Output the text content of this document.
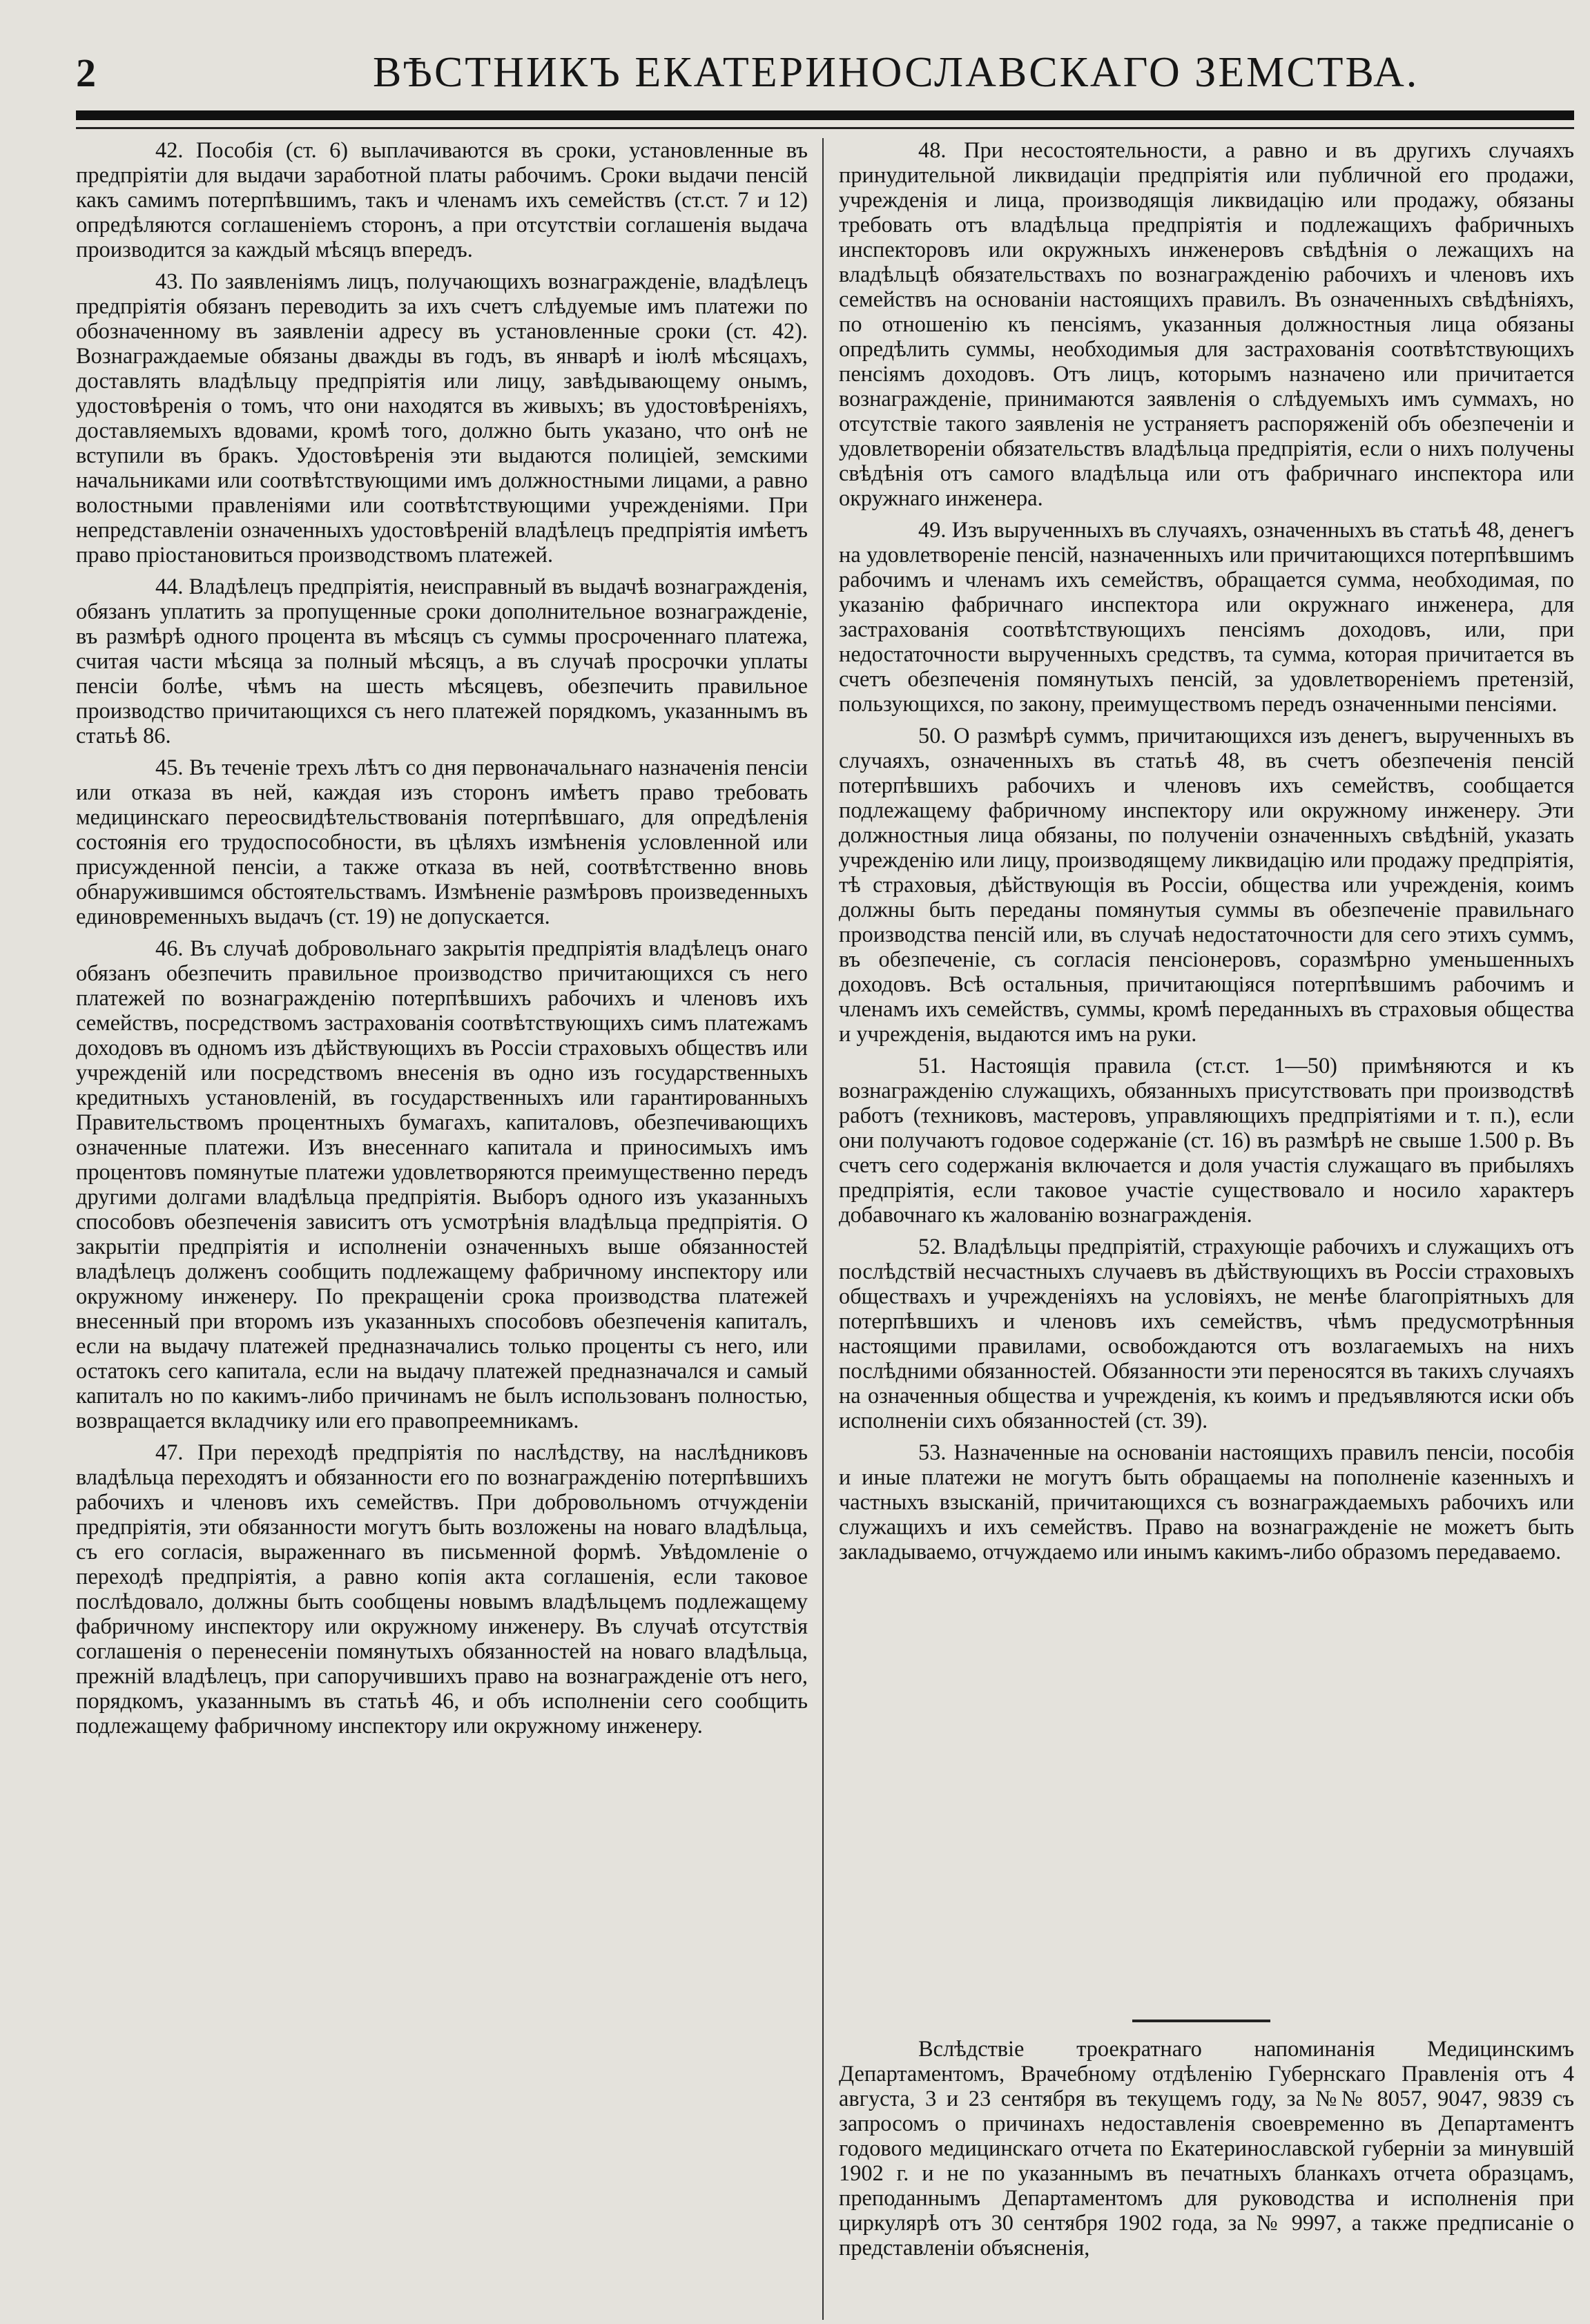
2	ВѢСТНИКЪ ЕКАТЕРИНОСЛАВСКАГО ЗЕМСТВА.

42. Пособія (ст. 6) выплачиваются въ сроки, установленные въ предпріятіи для выдачи заработной платы рабочимъ. Сроки выдачи пенсій какъ самимъ потерпѣвшимъ, такъ и членамъ ихъ семействъ (ст.ст. 7 и 12) опредѣляются соглашеніемъ сторонъ, а при отсутствіи соглашенія выдача производится за каждый мѣсяцъ впередъ.

43. По заявленіямъ лицъ, получающихъ вознагражденіе, владѣлецъ предпріятія обязанъ переводить за ихъ счетъ слѣдуемые имъ платежи по обозначенному въ заявленіи адресу въ установленные сроки (ст. 42). Вознаграждаемые обязаны дважды въ годъ, въ январѣ и іюлѣ мѣсяцахъ, доставлять владѣльцу предпріятія или лицу, завѣдывающему онымъ, удостовѣренія о томъ, что они находятся въ живыхъ; въ удостовѣреніяхъ, доставляемыхъ вдовами, кромѣ того, должно быть указано, что онѣ не вступили въ бракъ. Удостовѣренія эти выдаются полиціей, земскими начальниками или соотвѣтствующими имъ должностными лицами, а равно волостными правленіями или соотвѣтствующими учрежденіями. При непредставленіи означенныхъ удостовѣреній владѣлецъ предпріятія имѣетъ право пріостановиться производствомъ платежей.

44. Владѣлецъ предпріятія, неисправный въ выдачѣ вознагражденія, обязанъ уплатить за пропущенные сроки дополнительное вознагражденіе, въ размѣрѣ одного процента въ мѣсяцъ съ суммы просроченнаго платежа, считая части мѣсяца за полный мѣсяцъ, а въ случаѣ просрочки уплаты пенсіи болѣе, чѣмъ на шесть мѣсяцевъ, обезпечить правильное производство причитающихся съ него платежей порядкомъ, указаннымъ въ статьѣ 86.

45. Въ теченіе трехъ лѣтъ со дня первоначальнаго назначенія пенсіи или отказа въ ней, каждая изъ сторонъ имѣетъ право требовать медицинскаго переосвидѣтельствованія потерпѣвшаго, для опредѣленія состоянія его трудоспособности, въ цѣляхъ измѣненія условленной или присужденной пенсіи, а также отказа въ ней, соотвѣтственно вновь обнаружившимся обстоятельствамъ. Измѣненіе размѣровъ произведенныхъ единовременныхъ выдачъ (ст. 19) не допускается.

46. Въ случаѣ добровольнаго закрытія предпріятія владѣлецъ онаго обязанъ обезпечить правильное производство причитающихся съ него платежей по вознагражденію потерпѣвшихъ рабочихъ и членовъ ихъ семействъ, посредствомъ застрахованія соотвѣтствующихъ симъ платежамъ доходовъ въ одномъ изъ дѣйствующихъ въ Россіи страховыхъ обществъ или учрежденій или посредствомъ внесенія въ одно изъ государственныхъ кредитныхъ установленій, въ государственныхъ или гарантированныхъ Правительствомъ процентныхъ бумагахъ, капиталовъ, обезпечивающихъ означенные платежи. Изъ внесеннаго капитала и приносимыхъ имъ процентовъ помянутые платежи удовлетворяются преимущественно передъ другими долгами владѣльца предпріятія. Выборъ одного изъ указанныхъ способовъ обезпеченія зависитъ отъ усмотрѣнія владѣльца предпріятія. О закрытіи предпріятія и исполненіи означенныхъ выше обязанностей владѣлецъ долженъ сообщить подлежащему фабричному инспектору или окружному инженеру. По прекращеніи срока производства платежей внесенный при второмъ изъ указанныхъ способовъ обезпеченія капиталъ, если на выдачу платежей предназначались только проценты съ него, или остатокъ сего капитала, если на выдачу платежей предназначался и самый капиталъ но по какимъ-либо причинамъ не былъ использованъ полностью, возвращается вкладчику или его правопреемникамъ.

47. При переходѣ предпріятія по наслѣдству, на наслѣдниковъ владѣльца переходятъ и обязанности его по вознагражденію потерпѣвшихъ рабочихъ и членовъ ихъ семействъ. При добровольномъ отчужденіи предпріятія, эти обязанности могутъ быть возложены на новаго владѣльца, съ его согласія, выраженнаго въ письменной формѣ. Увѣдомленіе о переходѣ предпріятія, а равно копія акта соглашенія, если таковое послѣдовало, должны быть сообщены новымъ владѣльцемъ подлежащему фабричному инспектору или окружному инженеру. Въ случаѣ отсутствія соглашенія о перенесеніи помянутыхъ обязанностей на новаго владѣльца, прежній владѣлецъ, при сапоручившихъ право на вознагражденіе отъ него, порядкомъ, указаннымъ въ статьѣ 46, и объ исполненіи сего сообщить подлежащему фабричному инспектору или окружному инженеру.

48. При несостоятельности, а равно и въ другихъ случаяхъ принудительной ликвидаціи предпріятія или публичной его продажи, учрежденія и лица, производящія ликвидацію или продажу, обязаны требовать отъ владѣльца предпріятія и подлежащихъ фабричныхъ инспекторовъ или окружныхъ инженеровъ свѣдѣнія о лежащихъ на владѣльцѣ обязательствахъ по вознагражденію рабочихъ и членовъ ихъ семействъ на основаніи настоящихъ правилъ. Въ означенныхъ свѣдѣніяхъ, по отношенію къ пенсіямъ, указанныя должностныя лица обязаны опредѣлить суммы, необходимыя для застрахованія соотвѣтствующихъ пенсіямъ доходовъ. Отъ лицъ, которымъ назначено или причитается вознагражденіе, принимаются заявленія о слѣдуемыхъ имъ суммахъ, но отсутствіе такого заявленія не устраняетъ распоряженій объ обезпеченіи и удовлетвореніи обязательствъ владѣльца предпріятія, если о нихъ получены свѣдѣнія отъ самого владѣльца или отъ фабричнаго инспектора или окружнаго инженера.

49. Изъ вырученныхъ въ случаяхъ, означенныхъ въ статьѣ 48, денегъ на удовлетвореніе пенсій, назначенныхъ или причитающихся потерпѣвшимъ рабочимъ и членамъ ихъ семействъ, обращается сумма, необходимая, по указанію фабричнаго инспектора или окружнаго инженера, для застрахованія соотвѣтствующихъ пенсіямъ доходовъ, или, при недостаточности вырученныхъ средствъ, та сумма, которая причитается въ счетъ обезпеченія помянутыхъ пенсій, за удовлетвореніемъ претензій, пользующихся, по закону, преимуществомъ передъ означенными пенсіями.

50. О размѣрѣ суммъ, причитающихся изъ денегъ, вырученныхъ въ случаяхъ, означенныхъ въ статьѣ 48, въ счетъ обезпеченія пенсій потерпѣвшихъ рабочихъ и членовъ ихъ семействъ, сообщается подлежащему фабричному инспектору или окружному инженеру. Эти должностныя лица обязаны, по полученіи означенныхъ свѣдѣній, указать учрежденію или лицу, производящему ликвидацію или продажу предпріятія, тѣ страховыя, дѣйствующія въ Россіи, общества или учрежденія, коимъ должны быть переданы помянутыя суммы въ обезпеченіе правильнаго производства пенсій или, въ случаѣ недостаточности для сего этихъ суммъ, въ обезпеченіе, съ согласія пенсіонеровъ, соразмѣрно уменьшенныхъ доходовъ. Всѣ остальныя, причитающіяся потерпѣвшимъ рабочимъ и членамъ ихъ семействъ, суммы, кромѣ переданныхъ въ страховыя общества и учрежденія, выдаются имъ на руки.

51. Настоящія правила (ст.ст. 1—50) примѣняются и къ вознагражденію служащихъ, обязанныхъ присутствовать при производствѣ работъ (техниковъ, мастеровъ, управляющихъ предпріятіями и т. п.), если они получаютъ годовое содержаніе (ст. 16) въ размѣрѣ не свыше 1.500 р. Въ счетъ сего содержанія включается и доля участія служащаго въ прибыляхъ предпріятія, если таковое участіе существовало и носило характеръ добавочнаго къ жалованію вознагражденія.

52. Владѣльцы предпріятій, страхующіе рабочихъ и служащихъ отъ послѣдствій несчастныхъ случаевъ въ дѣйствующихъ въ Россіи страховыхъ обществахъ и учрежденіяхъ на условіяхъ, не менѣе благопріятныхъ для потерпѣвшихъ и членовъ ихъ семействъ, чѣмъ предусмотрѣнныя настоящими правилами, освобождаются отъ возлагаемыхъ на нихъ послѣдними обязанностей. Обязанности эти переносятся въ такихъ случаяхъ на означенныя общества и учрежденія, къ коимъ и предъявляются иски объ исполненіи сихъ обязанностей (ст. 39).

53. Назначенные на основаніи настоящихъ правилъ пенсіи, пособія и иные платежи не могутъ быть обращаемы на пополненіе казенныхъ и частныхъ взысканій, причитающихся съ вознаграждаемыхъ рабочихъ или служащихъ и ихъ семействъ. Право на вознагражденіе не можетъ быть закладываемо, отчуждаемо или инымъ какимъ-либо образомъ передаваемо.

Вслѣдствіе троекратнаго напоминанія Медицинскимъ Департаментомъ, Врачебному отдѣленію Губернскаго Правленія отъ 4 августа, 3 и 23 сентября въ текущемъ году, за №№ 8057, 9047, 9839 съ запросомъ о причинахъ недоставленія своевременно въ Департаментъ годового медицинскаго отчета по Екатеринославской губерніи за минувшій 1902 г. и не по указаннымъ въ печатныхъ бланкахъ отчета образцамъ, преподаннымъ Департаментомъ для руководства и исполненія при циркулярѣ отъ 30 сентября 1902 года, за № 9997, а также предписаніе о представленіи объясненія,
